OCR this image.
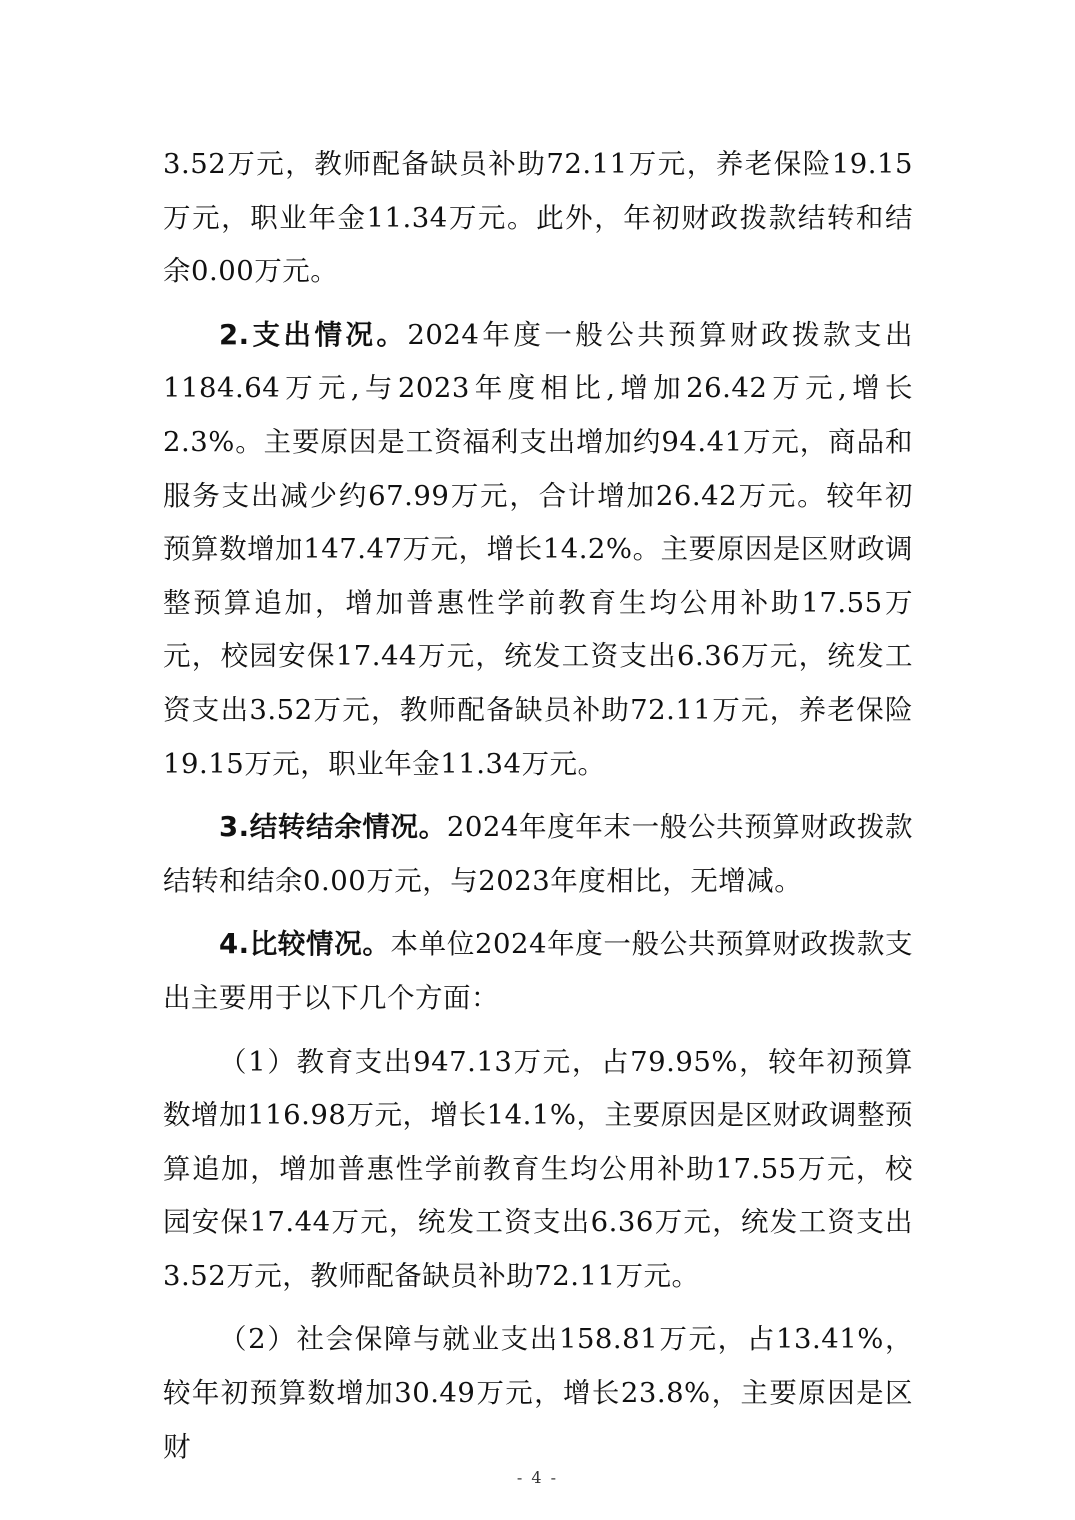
3.52万元，教师配备缺员补助72.11万元，养老保险19.15万元，职业年金11.34万元。此外，年初财政拨款结转和结余0.00万元。

2.支出情况。2024年度一般公共预算财政拨款支出1184.64万元,与2023年度相比,增加26.42万元,增长2.3%。主要原因是工资福利支出增加约94.41万元，商品和服务支出减少约67.99万元，合计增加26.42万元。较年初预算数增加147.47万元，增长14.2%。主要原因是区财政调整预算追加，增加普惠性学前教育生均公用补助17.55万元，校园安保17.44万元，统发工资支出6.36万元，统发工资支出3.52万元，教师配备缺员补助72.11万元，养老保险19.15万元，职业年金11.34万元。

3.结转结余情况。2024年度年末一般公共预算财政拨款结转和结余0.00万元，与2023年度相比，无增减。

4.比较情况。本单位2024年度一般公共预算财政拨款支出主要用于以下几个方面：

（1）教育支出947.13万元，占79.95%，较年初预算数增加116.98万元，增长14.1%，主要原因是区财政调整预算追加，增加普惠性学前教育生均公用补助17.55万元，校园安保17.44万元，统发工资支出6.36万元，统发工资支出3.52万元，教师配备缺员补助72.11万元。

（2）社会保障与就业支出158.81万元，占13.41%，较年初预算数增加30.49万元，增长23.8%，主要原因是区财

- 4 -
